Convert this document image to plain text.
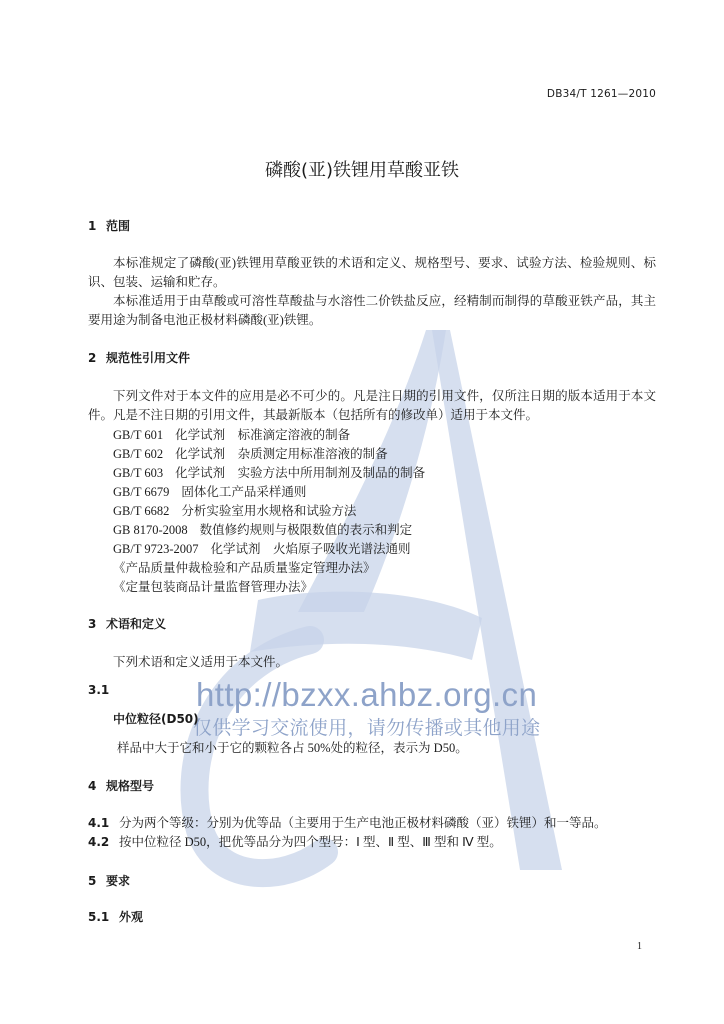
http://bzxx.ahbz.org.cn
仅供学习交流使用，请勿传播或其他用途
DB34/T 1261—2010
磷酸(亚)铁锂用草酸亚铁
1 范围
本标准规定了磷酸(亚)铁锂用草酸亚铁的术语和定义、规格型号、要求、试验方法、检验规则、标
识、包装、运输和贮存。
本标准适用于由草酸或可溶性草酸盐与水溶性二价铁盐反应，经精制而制得的草酸亚铁产品，其主
要用途为制备电池正极材料磷酸(亚)铁锂。
2 规范性引用文件
下列文件对于本文件的应用是必不可少的。凡是注日期的引用文件，仅所注日期的版本适用于本文
件。凡是不注日期的引用文件，其最新版本（包括所有的修改单）适用于本文件。
GB/T 601 化学试剂　标准滴定溶液的制备
GB/T 602 化学试剂　杂质测定用标准溶液的制备
GB/T 603 化学试剂　实验方法中所用制剂及制品的制备
GB/T 6679 固体化工产品采样通则
GB/T 6682 分析实验室用水规格和试验方法
GB 8170-2008 数值修约规则与极限数值的表示和判定
GB/T 9723-2007 化学试剂　火焰原子吸收光谱法通则
《产品质量仲裁检验和产品质量鉴定管理办法》
《定量包装商品计量监督管理办法》
3 术语和定义
下列术语和定义适用于本文件。
3.1
中位粒径(D50)
样品中大于它和小于它的颗粒各占 50%处的粒径，表示为 D50。
4 规格型号
4.1 分为两个等级：分别为优等品（主要用于生产电池正极材料磷酸（亚）铁锂）和一等品。
4.2 按中位粒径 D50，把优等品分为四个型号：Ⅰ 型、Ⅱ 型、Ⅲ 型和 Ⅳ 型。
5 要求
5.1 外观
1
